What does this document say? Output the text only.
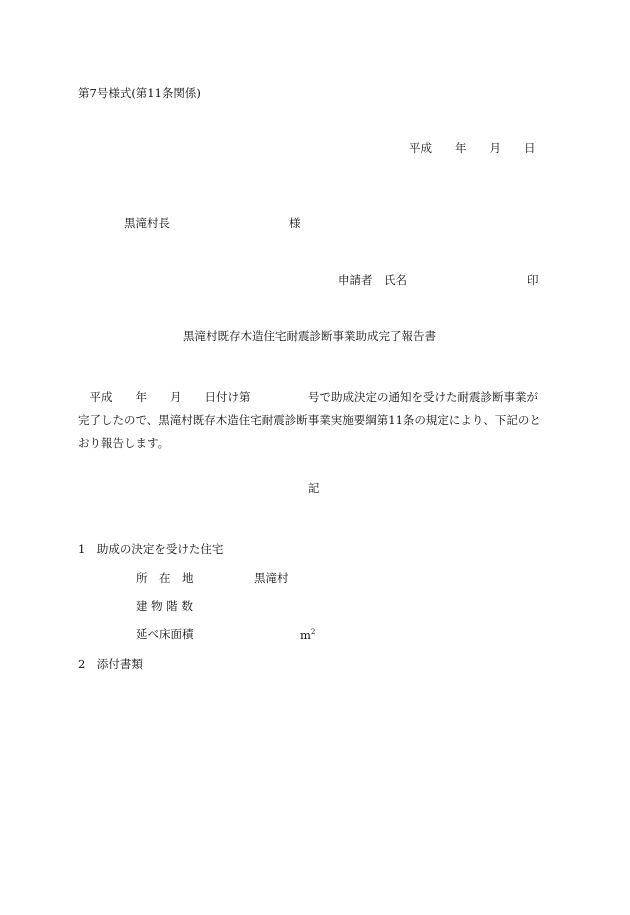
第7号様式(第11条関係)
平成　　年　　月　　日
黒滝村長	様
申請者　氏名	印
黒滝村既存木造住宅耐震診断事業助成完了報告書
　平成　　年　　月　　日付け第　　　　　号で助成決定の通知を受けた耐震診断事業が
完了したので、黒滝村既存木造住宅耐震診断事業実施要綱第11条の規定により、下記のと
おり報告します。
記
1　助成の決定を受けた住宅
所　在　地	黒滝村
建 物 階 数
延べ床面積	$m^2$
2　添付書類
